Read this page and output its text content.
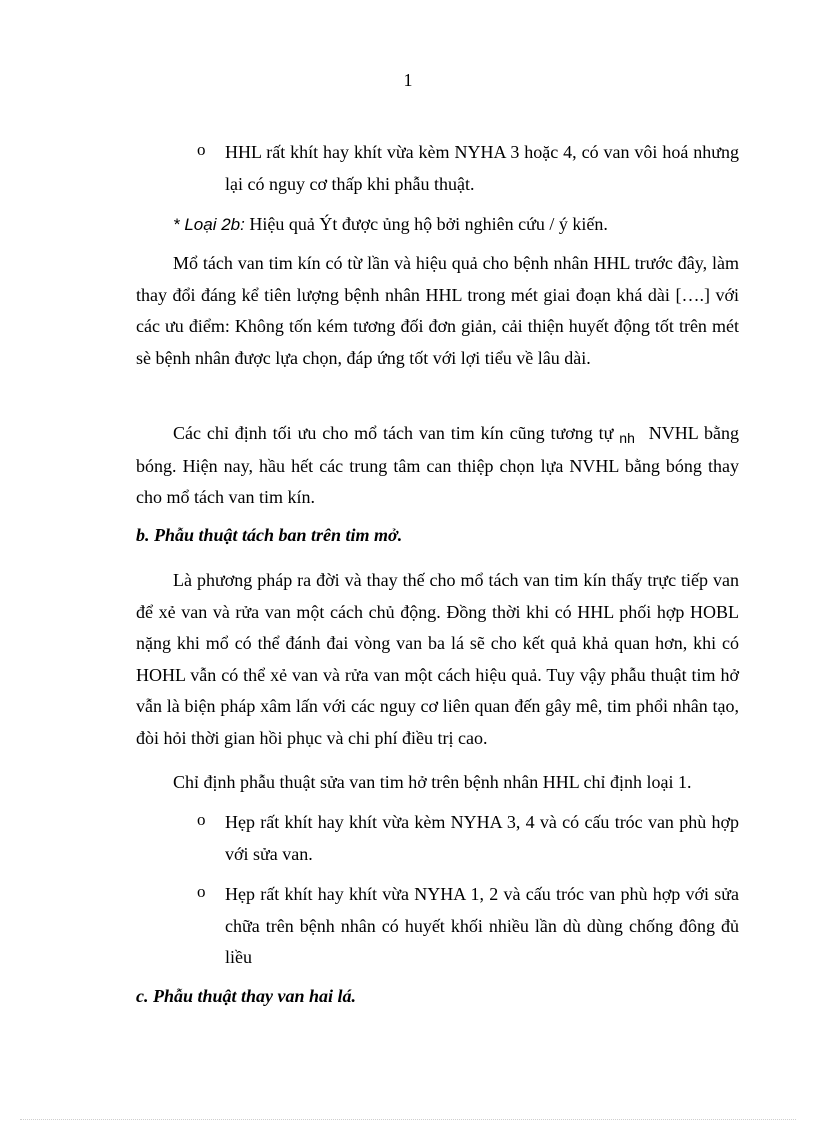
1
o HHL rất khít hay khít vừa kèm NYHA 3 hoặc 4, có van vôi hoá nhưng lại có nguy cơ thấp khi phẫu thuật.
* Loại 2b: Hiệu quả Ýt được ủng hộ bởi nghiên cứu / ý kiến.
Mổ tách van tim kín có từ lần và hiệu quả cho bệnh nhân HHL trước đây, làm thay đổi đáng kể tiên lượng bệnh nhân HHL trong mét giai đoạn khá dài [….] với các ưu điểm: Không tốn kém tương đối đơn giản, cải thiện huyết động tốt trên mét sè bệnh nhân được lựa chọn, đáp ứng tốt với lợi tiểu về lâu dài.
Các chỉ định tối ưu cho mổ tách van tim kín cũng tương tự $_{nh}$ NVHL bằng bóng. Hiện nay, hầu hết các trung tâm can thiệp chọn lựa NVHL bằng bóng thay cho mổ tách van tim kín.
b. Phẫu thuật tách ban trên tim mở.
Là phương pháp ra đời và thay thế cho mổ tách van tim kín thấy trực tiếp van để xẻ van và rửa van một cách chủ động. Đồng thời khi có HHL phối hợp HOBL nặng khi mổ có thể đánh đai vòng van ba lá sẽ cho kết quả khả quan hơn, khi có HOHL vẫn có thể xẻ van và rửa van một cách hiệu quả. Tuy vậy phẫu thuật tim hở vẫn là biện pháp xâm lấn với các nguy cơ liên quan đến gây mê, tim phổi nhân tạo, đòi hỏi thời gian hồi phục và chi phí điều trị cao.
Chỉ định phẫu thuật sửa van tim hở trên bệnh nhân HHL chỉ định loại 1.
o Hẹp rất khít hay khít vừa kèm NYHA 3, 4 và có cấu tróc van phù hợp với sửa van.
o Hẹp rất khít hay khít vừa NYHA 1, 2 và cấu tróc van phù hợp với sửa chữa trên bệnh nhân có huyết khối nhiều lần dù dùng chống đông đủ liều
c. Phẫu thuật thay van hai lá.
